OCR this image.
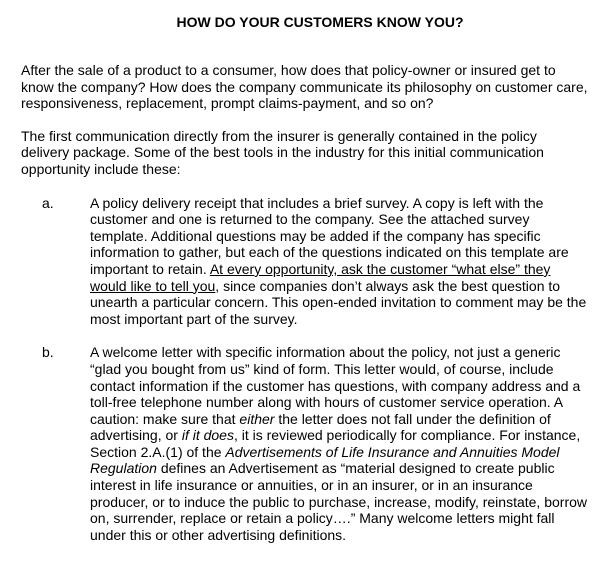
HOW DO YOUR CUSTOMERS KNOW YOU?

After the sale of a product to a consumer, how does that policy-owner or insured get to know the company? How does the company communicate its philosophy on customer care, responsiveness, replacement, prompt claims-payment, and so on?

The first communication directly from the insurer is generally contained in the policy delivery package. Some of the best tools in the industry for this initial communication opportunity include these:

a.	A policy delivery receipt that includes a brief survey. A copy is left with the customer and one is returned to the company. See the attached survey template. Additional questions may be added if the company has specific information to gather, but each of the questions indicated on this template are important to retain. At every opportunity, ask the customer “what else” they would like to tell you, since companies don’t always ask the best question to unearth a particular concern. This open-ended invitation to comment may be the most important part of the survey.

b.	A welcome letter with specific information about the policy, not just a generic “glad you bought from us” kind of form. This letter would, of course, include contact information if the customer has questions, with company address and a toll-free telephone number along with hours of customer service operation. A caution: make sure that either the letter does not fall under the definition of advertising, or if it does, it is reviewed periodically for compliance. For instance, Section 2.A.(1) of the Advertisements of Life Insurance and Annuities Model Regulation defines an Advertisement as “material designed to create public interest in life insurance or annuities, or in an insurer, or in an insurance producer, or to induce the public to purchase, increase, modify, reinstate, borrow on, surrender, replace or retain a policy….” Many welcome letters might fall under this or other advertising definitions.
